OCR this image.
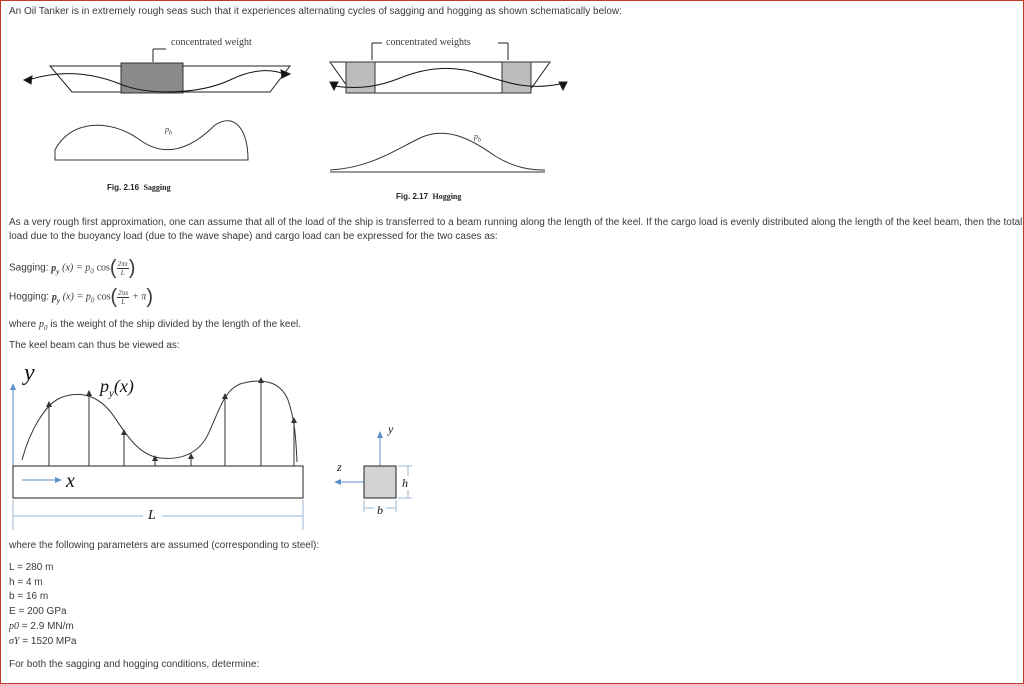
An Oil Tanker is in extremely rough seas such that it experiences alternating cycles of sagging and hogging as shown schematically below:
concentrated weight
$p_b$
Fig. 2.16 Sagging
concentrated weights
$p_b$
Fig. 2.17 Hogging
As a very rough first approximation, one can assume that all of the load of the ship is transferred to a beam running along the length of the keel. If the cargo load is evenly distributed along the length of the keel beam, then the total
load due to the buoyancy load (due to the wave shape) and cargo load can be expressed for the two cases as:
Sagging: $p_y$ $(x) = p_0$ $\cos( \frac{2\pi x}{L}$ )
Hogging: $p_y$ $(x) = p_0$ $\cos( \frac{2\pi x}{L} + \pi)$
where $p_0$ is the weight of the ship divided by the length of the keel.
The keel beam can thus be viewed as:
y	$p_y(x)$
x
L
z
y
h
b
where the following parameters are assumed (corresponding to steel):
L = 280 m
h = 4 m
b = 16 m
E = 200 GPa
p0 = 2.9 MN/m
σY = 1520 MPa
For both the sagging and hogging conditions, determine:
